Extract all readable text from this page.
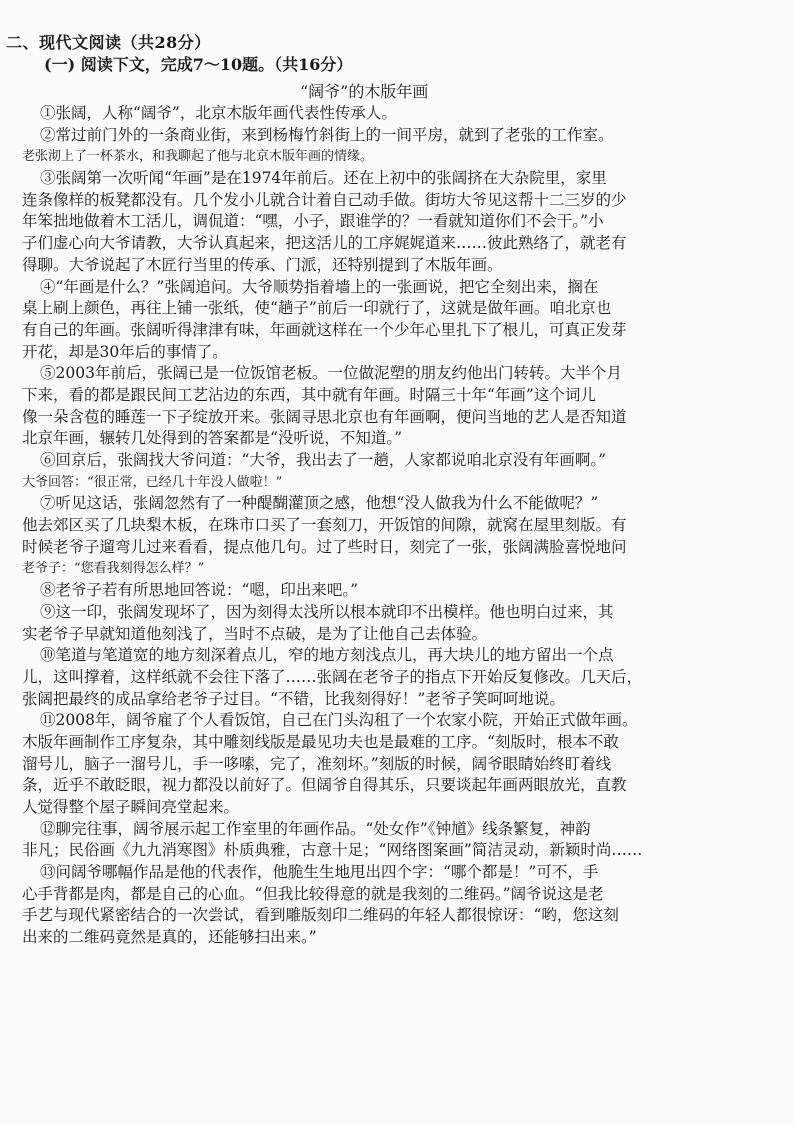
二、现代文阅读（共28分）
(一) 阅读下文，完成7～10题。（共16分）
“阔爷”的木版年画
①张阔，人称“阔爷”，北京木版年画代表性传承人。
②常过前门外的一条商业街，来到杨梅竹斜街上的一间平房，就到了老张的工作室。
老张沏上了一杯茶水，和我聊起了他与北京木版年画的情缘。
③张阔第一次听闻“年画”是在1974年前后。还在上初中的张阔挤在大杂院里，家里
连条像样的板凳都没有。几个发小儿就合计着自己动手做。街坊大爷见这帮十二三岁的少
年笨拙地做着木工活儿，调侃道：“嘿，小子，跟谁学的？一看就知道你们不会干。”小
子们虚心向大爷请教，大爷认真起来，把这活儿的工序娓娓道来……彼此熟络了，就老有
得聊。大爷说起了木匠行当里的传承、门派，还特别提到了木版年画。
④“年画是什么？”张阔追问。大爷顺势指着墙上的一张画说，把它全刻出来，搁在
桌上刷上颜色，再往上铺一张纸，使“趟子”前后一印就行了，这就是做年画。咱北京也
有自己的年画。张阔听得津津有味，年画就这样在一个少年心里扎下了根儿，可真正发芽
开花，却是30年后的事情了。
⑤2003年前后，张阔已是一位饭馆老板。一位做泥塑的朋友约他出门转转。大半个月
下来，看的都是跟民间工艺沾边的东西，其中就有年画。时隔三十年“年画”这个词儿
像一朵含苞的睡莲一下子绽放开来。张阔寻思北京也有年画啊，便问当地的艺人是否知道
北京年画，辗转几处得到的答案都是“没听说，不知道。”
⑥回京后，张阔找大爷问道：“大爷，我出去了一趟，人家都说咱北京没有年画啊。”
大爷回答：“很正常，已经几十年没人做啦！”
⑦听见这话，张阔忽然有了一种醍醐灌顶之感，他想“没人做我为什么不能做呢？”
他去郊区买了几块梨木板，在珠市口买了一套刻刀，开饭馆的间隙，就窝在屋里刻版。有
时候老爷子遛弯儿过来看看，提点他几句。过了些时日，刻完了一张，张阔满脸喜悦地问
老爷子：“您看我刻得怎么样？”
⑧老爷子若有所思地回答说：“嗯，印出来吧。”
⑨这一印，张阔发现坏了，因为刻得太浅所以根本就印不出模样。他也明白过来，其
实老爷子早就知道他刻浅了，当时不点破，是为了让他自己去体验。
⑩笔道与笔道宽的地方刻深着点儿，窄的地方刻浅点儿，再大块儿的地方留出一个点
儿，这叫撑着，这样纸就不会往下落了……张阔在老爷子的指点下开始反复修改。几天后，
张阔把最终的成品拿给老爷子过目。“不错，比我刻得好！”老爷子笑呵呵地说。
⑪2008年，阔爷雇了个人看饭馆，自己在门头沟租了一个农家小院，开始正式做年画。
木版年画制作工序复杂，其中雕刻线版是最见功夫也是最难的工序。“刻版时，根本不敢
溜号儿，脑子一溜号儿，手一哆嗦，完了，准刻坏。”刻版的时候，阔爷眼睛始终盯着线
条，近乎不敢眨眼，视力都没以前好了。但阔爷自得其乐，只要谈起年画两眼放光，直教
人觉得整个屋子瞬间亮堂起来。
⑫聊完往事，阔爷展示起工作室里的年画作品。“处女作”《钟馗》线条繁复，神韵
非凡；民俗画《九九消寒图》朴质典雅，古意十足；“网络图案画”简洁灵动，新颖时尚……
⑬问阔爷哪幅作品是他的代表作，他脆生生地甩出四个字：“哪个都是！”可不，手
心手背都是肉，都是自己的心血。“但我比较得意的就是我刻的二维码。”阔爷说这是老
手艺与现代紧密结合的一次尝试，看到雕版刻印二维码的年轻人都很惊讶：“哟，您这刻
出来的二维码竟然是真的，还能够扫出来。”
